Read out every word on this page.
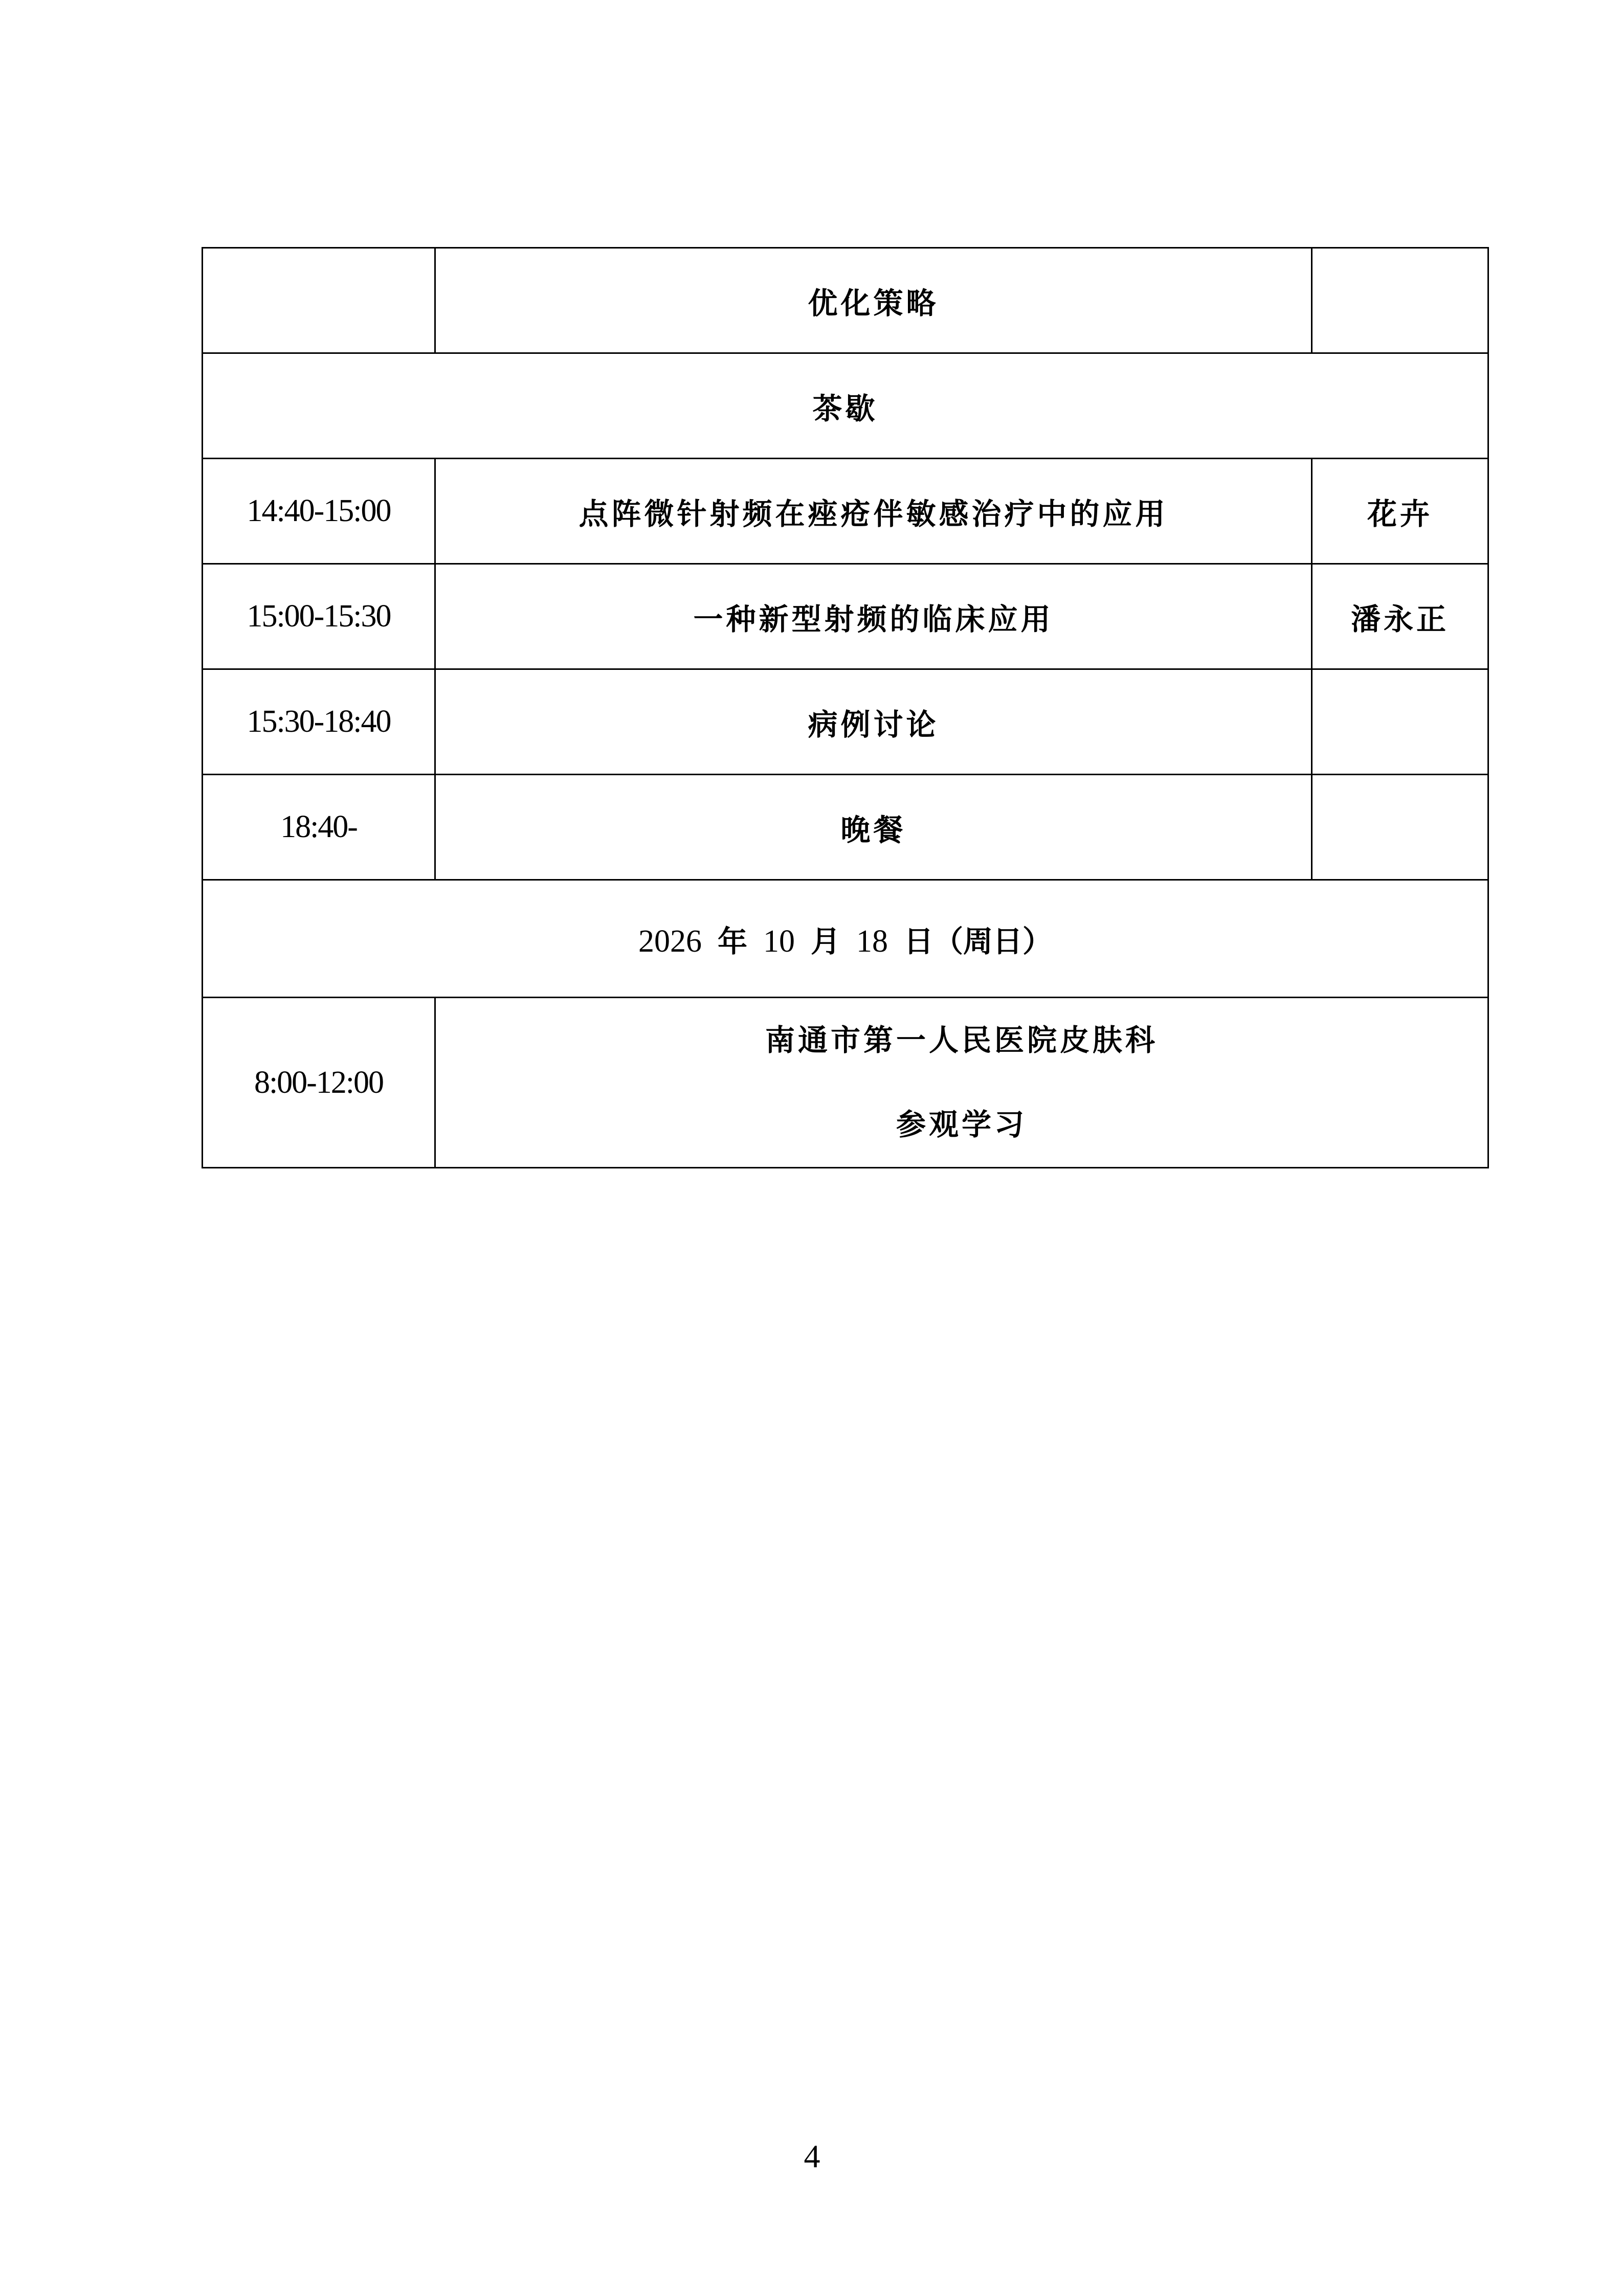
	优化策略	
茶歇		
14:40-15:00	点阵微针射频在痤疮伴敏感治疗中的应用	花卉
15:00-15:30	一种新型射频的临床应用	潘永正
15:30-18:40	病例讨论	
18:40-	晚餐	
2026 年 10 月 18 日（周日）		
8:00-12:00	南通市第一人民医院皮肤科
参观学习	
4
